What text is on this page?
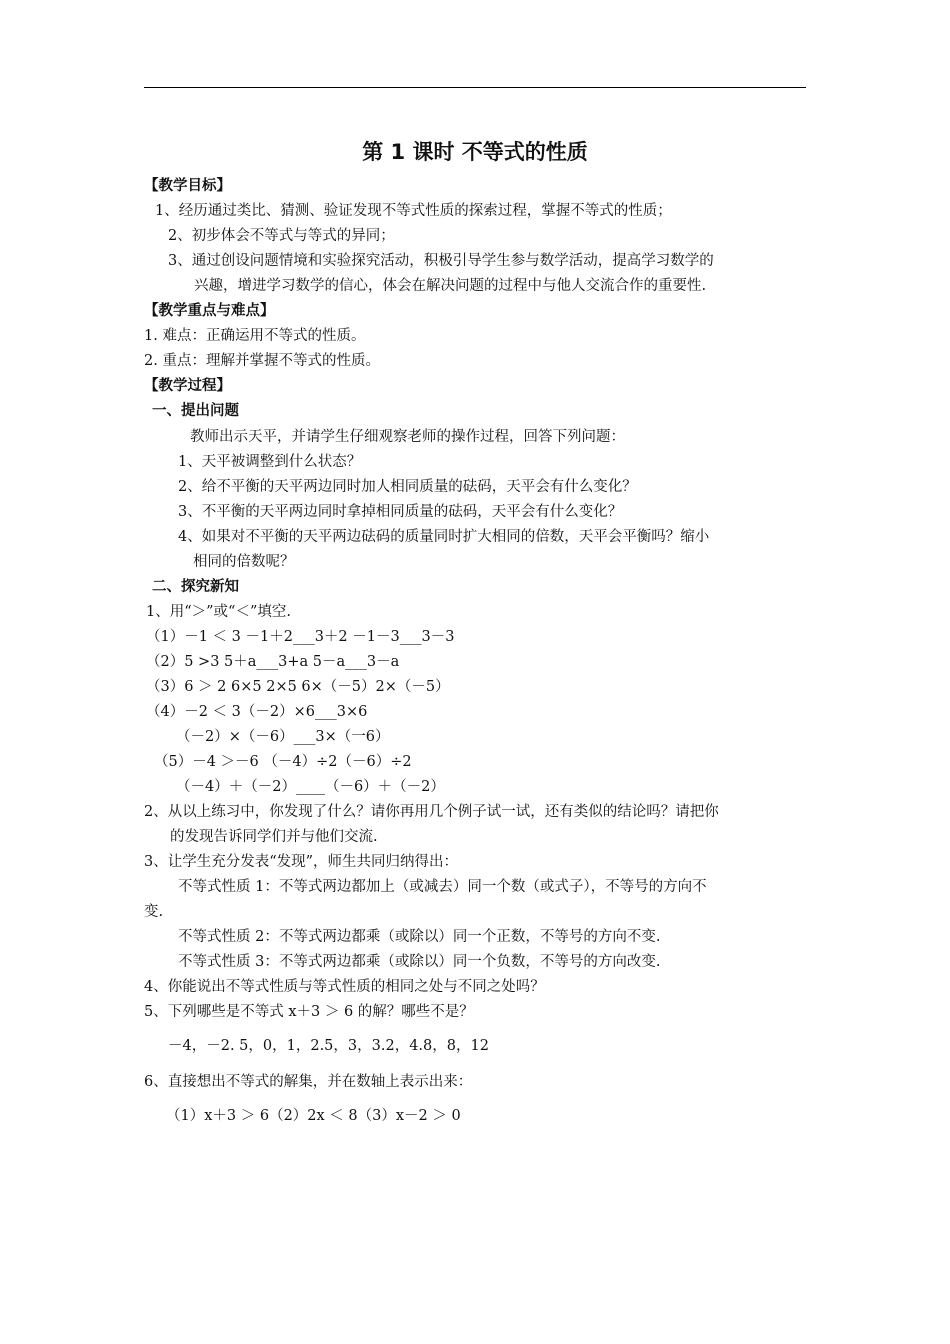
第 1 课时 不等式的性质
【教学目标】
1、经历通过类比、猜测、验证发现不等式性质的探索过程，掌握不等式的性质；
2、初步体会不等式与等式的异同；
3、通过创设问题情境和实验探究活动，积极引导学生参与数学活动，提高学习数学的
兴趣，增进学习数学的信心，体会在解决问题的过程中与他人交流合作的重要性.
【教学重点与难点】
1. 难点：正确运用不等式的性质。
2. 重点：理解并掌握不等式的性质。
【教学过程】
一、提出问题
教师出示天平，并请学生仔细观察老师的操作过程，回答下列问题：
1、天平被调整到什么状态？
2、给不平衡的天平两边同时加人相同质量的砝码，天平会有什么变化？
3、不平衡的天平两边同时拿掉相同质量的砝码，天平会有什么变化？
4、如果对不平衡的天平两边砝码的质量同时扩大相同的倍数，天平会平衡吗？缩小
相同的倍数呢？
二、探究新知
1、用“＞”或“＜”填空.
（1）－1 ＜ 3 －1＋2___3＋2 －1－3___3－3
（2）5 >3 5＋a___3+a 5－a___3－a
（3）6 ＞ 2 6×5 2×5 6×（－5）2×（－5）
（4）－2 ＜ 3（－2）×6___3×6
（－2）×（－6）___3×（一6）
（5）－4 ＞－6 （－4）÷2（－6）÷2
（－4）＋（－2）____（－6）＋（－2）
2、从以上练习中，你发现了什么？请你再用几个例子试一试，还有类似的结论吗？请把你
的发现告诉同学们并与他们交流.
3、让学生充分发表“发现”，师生共同归纳得出：
不等式性质 1：不等式两边都加上（或减去）同一个数（或式子），不等号的方向不
变.
不等式性质 2：不等式两边都乘（或除以）同一个正数，不等号的方向不变.
不等式性质 3：不等式两边都乘（或除以）同一个负数，不等号的方向改变.
4、你能说出不等式性质与等式性质的相同之处与不同之处吗？
5、下列哪些是不等式 x＋3 ＞ 6 的解？哪些不是？
－4，－2. 5，0，1，2.5，3，3.2，4.8，8，12
6、直接想出不等式的解集，并在数轴上表示出来：
（1）x＋3 ＞ 6（2）2x ＜ 8（3）x－2 ＞ 0
